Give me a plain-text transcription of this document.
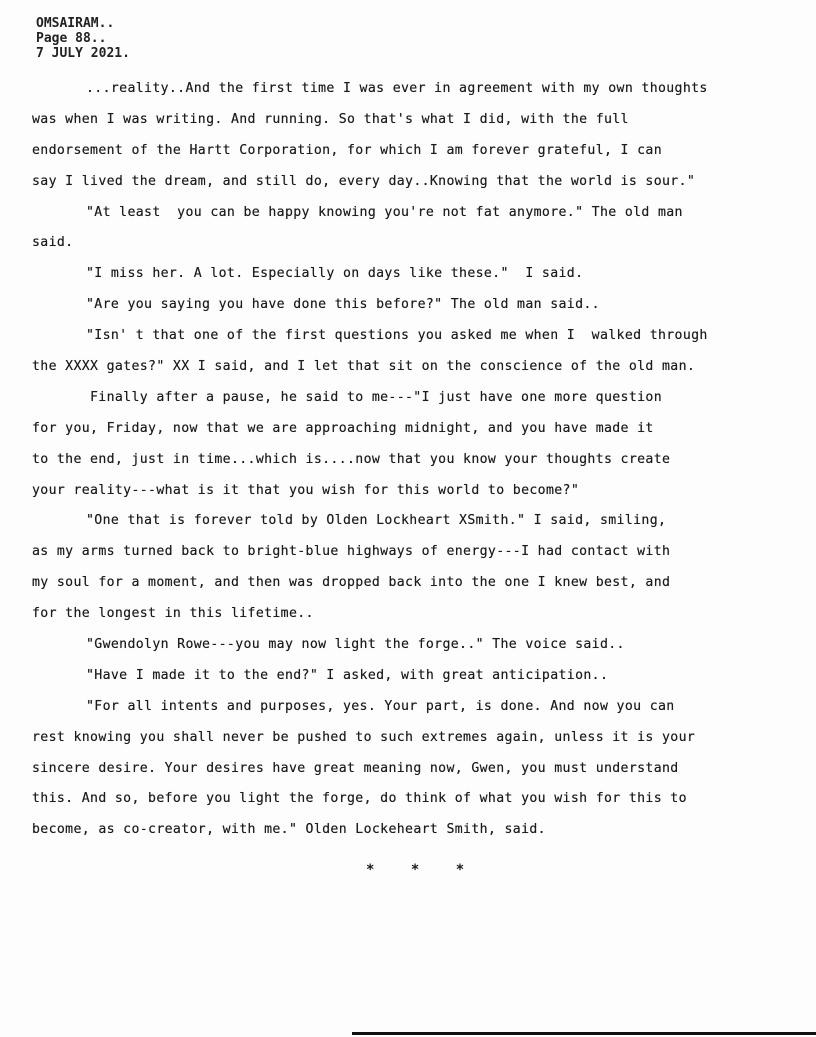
OMSAIRAM..
Page 88..
7 JULY 2021.
...reality..And the first time I was ever in agreement with my own thoughts
was when I was writing. And running. So that's what I did, with the full
endorsement of the Hartt Corporation, for which I am forever grateful, I can
say I lived the dream, and still do, every day..Knowing that the world is sour."
"At least  you can be happy knowing you're not fat anymore." The old man
said.
"I miss her. A lot. Especially on days like these."  I said.
"Are you saying you have done this before?" The old man said..
"Isn' t that one of the first questions you asked me when I  walked through
the XXXX gates?" XX I said, and I let that sit on the conscience of the old man.
Finally after a pause, he said to me---"I just have one more question
for you, Friday, now that we are approaching midnight, and you have made it
to the end, just in time...which is....now that you know your thoughts create
your reality---what is it that you wish for this world to become?"
"One that is forever told by Olden Lockheart XSmith." I said, smiling,
as my arms turned back to bright-blue highways of energy---I had contact with
my soul for a moment, and then was dropped back into the one I knew best, and
for the longest in this lifetime..
"Gwendolyn Rowe---you may now light the forge.." The voice said..
"Have I made it to the end?" I asked, with great anticipation..
"For all intents and purposes, yes. Your part, is done. And now you can
rest knowing you shall never be pushed to such extremes again, unless it is your
sincere desire. Your desires have great meaning now, Gwen, you must understand
this. And so, before you light the forge, do think of what you wish for this to
become, as co-creator, with me." Olden Lockeheart Smith, said.
* * *
